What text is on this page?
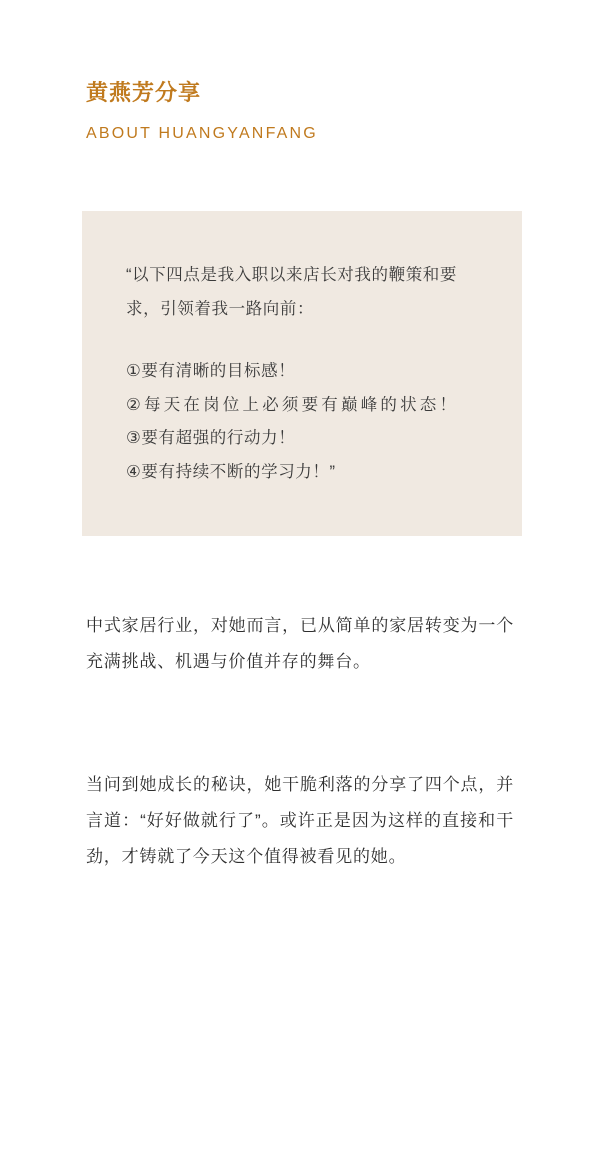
黄燕芳分享
ABOUT HUANGYANFANG

“以下四点是我入职以来店长对我的鞭策和要求，引领着我一路向前：

①要有清晰的目标感！

②每天在岗位上必须要有巅峰的状态！

③要有超强的行动力！

④要有持续不断的学习力！”

中式家居行业，对她而言，已从简单的家居转变为一个充满挑战、机遇与价值并存的舞台。

当问到她成长的秘诀，她干脆利落的分享了四个点，并言道：“好好做就行了”。或许正是因为这样的直接和干劲，才铸就了今天这个值得被看见的她。
